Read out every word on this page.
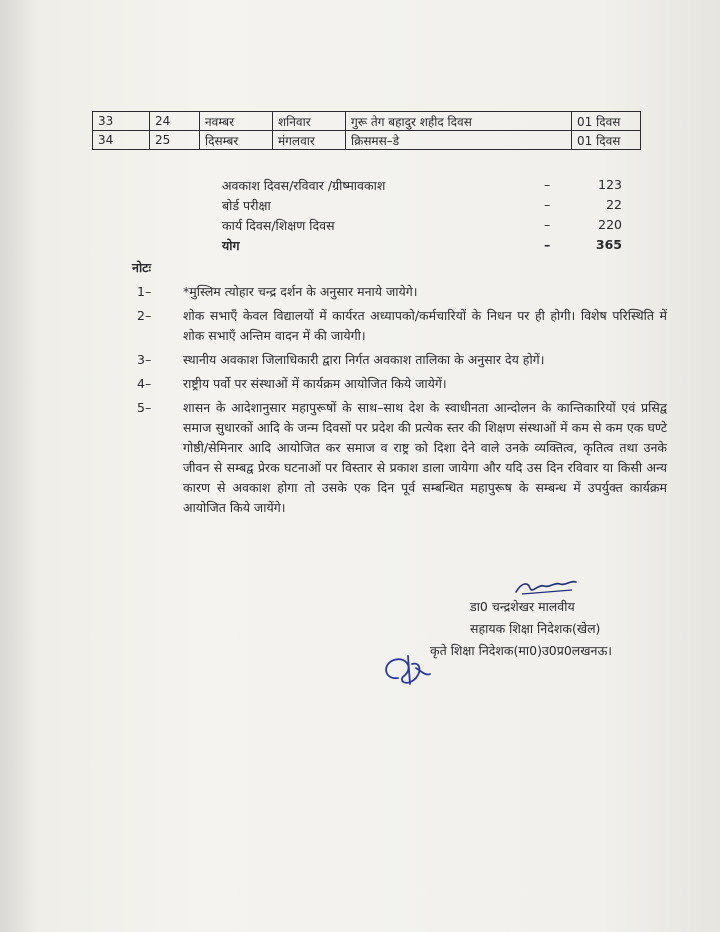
33	24	नवम्बर	शनिवार	गुरू तेग बहादुर शहीद दिवस	01 दिवस
34	25	दिसम्बर	मंगलवार	क्रिसमस–डे	01 दिवस
अवकाश दिवस/रविवार /ग्रीष्मावकाश	–	123
बोर्ड परीक्षा	–	22
कार्य दिवस/शिक्षण दिवस	–	220
योग	–	365
नोटः
1–	*मुस्लिम त्योहार चन्द्र दर्शन के अनुसार मनाये जायेगे।
2–	शोक सभाएँ केवल विद्यालयों में कार्यरत अध्यापको/कर्मचारियों के निधन पर ही होगी। विशेष परिस्थिति में शोक सभाएँ अन्तिम वादन में की जायेगी।
3–	स्थानीय अवकाश जिलाधिकारी द्वारा निर्गत अवकाश तालिका के अनुसार देय होगें।
4–	राष्ट्रीय पर्वो पर संस्थाओं में कार्यक्रम आयोजित किये जायेगें।
5–	शासन के आदेशानुसार महापुरूषों के साथ–साथ देश के स्वाधीनता आन्दोलन के कान्तिकारियों एवं प्रसिद्व समाज सुधारकों आदि के जन्म दिवसों पर प्रदेश की प्रत्येक स्तर की शिक्षण संस्थाओं में कम से कम एक घण्टे गोष्ठी/सेमिनार आदि आयोजित कर समाज व राष्ट्र को दिशा देने वाले उनके व्यक्तित्व, कृतित्व तथा उनके जीवन से सम्बद्व प्रेरक घटनाओं पर विस्तार से प्रकाश डाला जायेगा और यदि उस दिन रविवार या किसी अन्य कारण से अवकाश होगा तो उसके एक दिन पूर्व सम्बन्धित महापुरूष के सम्बन्ध में उपर्युक्त कार्यक्रम आयोजित किये जायेंगे।
डा0 चन्द्रशेखर मालवीय
सहायक शिक्षा निदेशक(खेल)
कृते शिक्षा निदेशक(मा0)उ0प्र0लखनऊ।
